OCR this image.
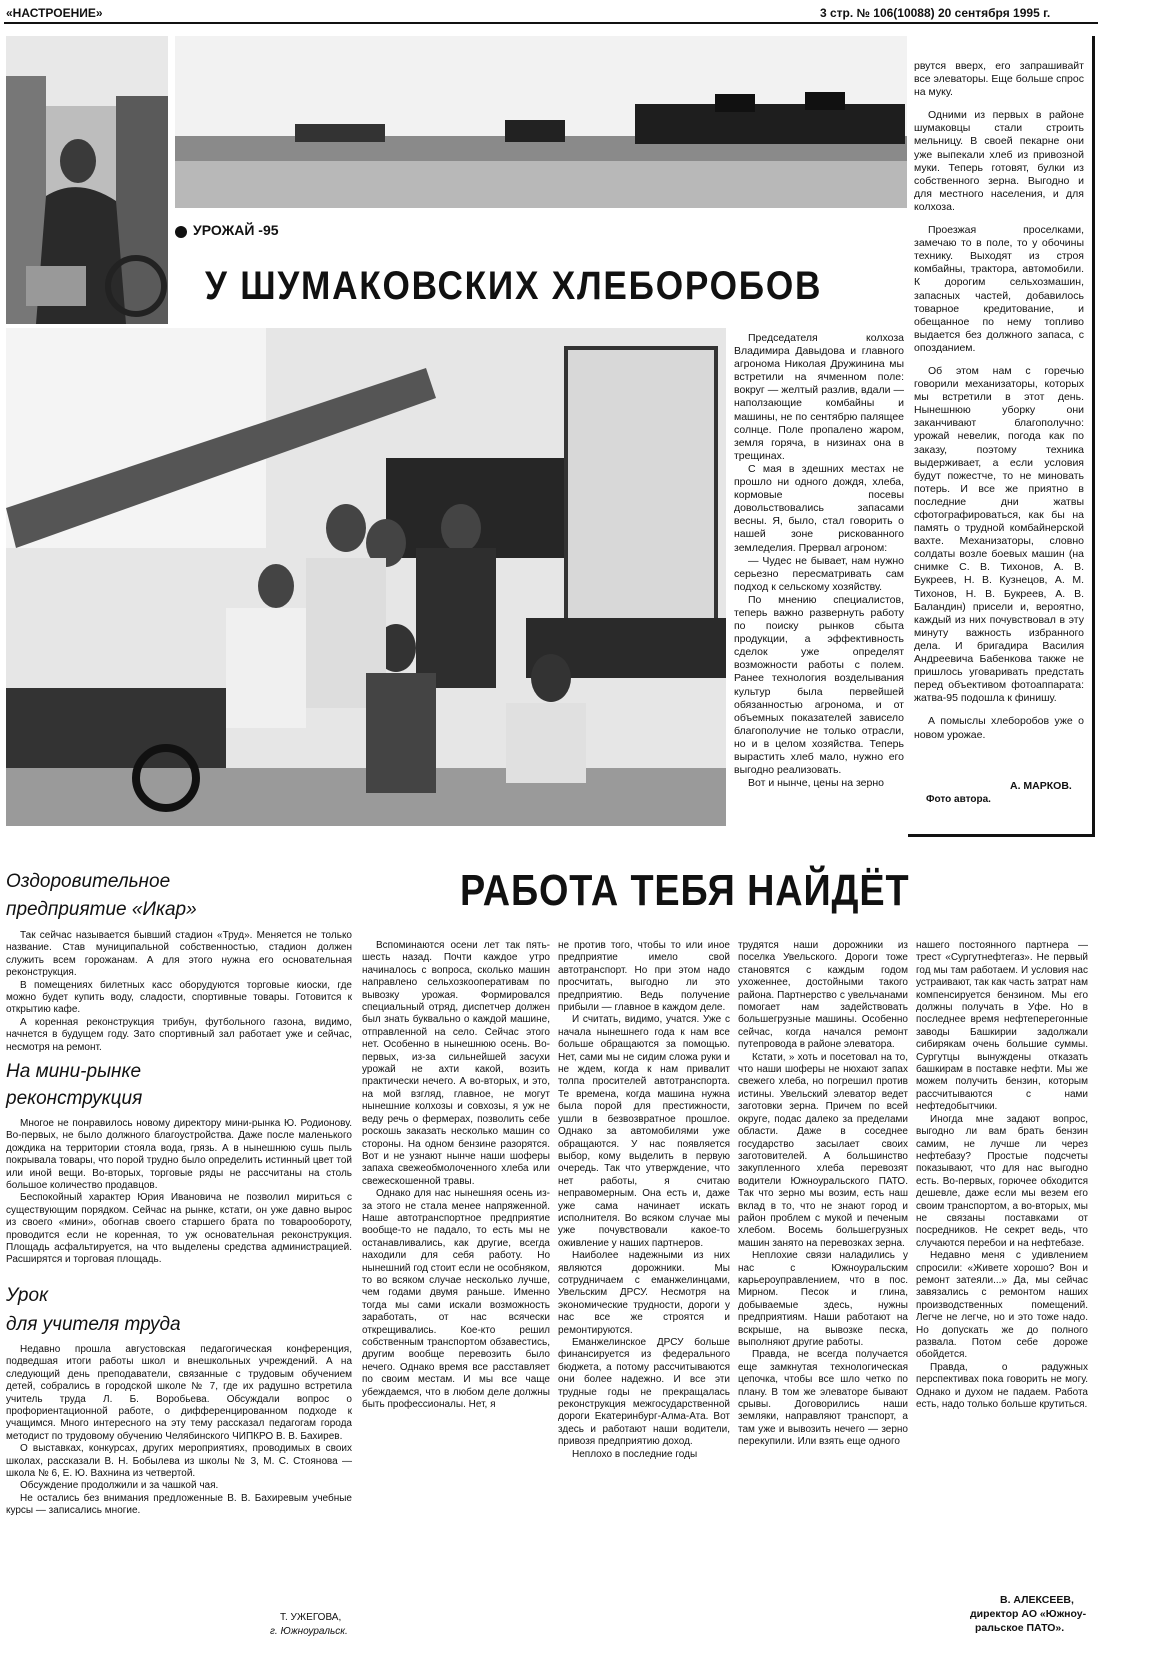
«НАСТРОЕНИЕ»	3 стр. № 106(10088) 20 сентября 1995 г.
УРОЖАЙ -95
У ШУМАКОВСКИХ ХЛЕБОРОБОВ

Председателя колхоза Владимира Давыдова и главного агронома Николая Дружинина мы встретили на ячменном поле: вокруг — желтый разлив, вдали — наползающие комбайны и машины, не по сентябрю палящее солнце. Поле пропалено жаром, земля горяча, в низинах она в трещинах.

С мая в здешних местах не прошло ни одного дождя, хлеба, кормовые посевы довольствовались запасами весны. Я, было, стал говорить о нашей зоне рискованного земледелия. Прервал агроном:

— Чудес не бывает, нам нужно серьезно пересматривать сам подход к сельскому хозяйству.

По мнению специалистов, теперь важно развернуть работу по поиску рынков сбыта продукции, а эффективность сделок уже определят возможности работы с полем. Ранее технология возделывания культур была первейшей обязанностью агронома, и от объемных показателей зависело благополучие не только отрасли, но и в целом хозяйства. Теперь вырастить хлеб мало, нужно его выгодно реализовать.

Вот и нынче, цены на зерно

рвутся вверх, его запрашивайт все элеваторы. Еще больше спрос на муку.

Одними из первых в районе шумаковцы стали строить мельницу. В своей пекарне они уже выпекали хлеб из привозной муки. Теперь готовят, булки из собственного зерна. Выгодно и для местного населения, и для колхоза.

Проезжая проселками, замечаю то в поле, то у обочины технику. Выходят из строя комбайны, трактора, автомобили. К дорогим сельхозмашин, запасных частей, добавилось товарное кредитование, и обещанное по нему топливо выдается без должного запаса, с опозданием.

Об этом нам с горечью говорили механизаторы, которых мы встретили в этот день. Нынешнюю уборку они заканчивают благополучно: урожай невелик, погода как по заказу, поэтому техника выдерживает, а если условия будут пожестче, то не миновать потерь. И все же приятно в последние дни жатвы сфотографироваться, как бы на память о трудной комбайнерской вахте. Механизаторы, словно солдаты возле боевых машин (на снимке С. В. Тихонов, А. В. Букреев, Н. В. Кузнецов, А. М. Тихонов, Н. В. Букреев, А. В. Баландин) присели и, вероятно, каждый из них почувствовал в эту минуту важность избранного дела. И бригадира Василия Андреевича Бабенкова также не пришлось уговаривать предстать перед объективом фотоаппарата: жатва-95 подошла к финишу.

А помыслы хлеборобов уже о новом урожае.

А. МАРКОВ.
Фото автора.
Оздоровительное
предприятие «Икар»

Так сейчас называется бывший стадион «Труд». Меняется не только название. Став муниципальной собственностью, стадион должен служить всем горожанам. А для этого нужна его основательная реконструкция.

В помещениях билетных касс оборудуются торговые киоски, где можно будет купить воду, сладости, спортивные товары. Готовится к открытию кафе.

А коренная реконструкция трибун, футбольного газона, видимо, начнется в будущем году. Зато спортивный зал работает уже и сейчас, несмотря на ремонт.

На мини-рынке
реконструкция

Многое не понравилось новому директору мини-рынка Ю. Родионову. Во-первых, не было должного благоустройства. Даже после маленького дождика на территории стояла вода, грязь. А в нынешнюю сушь пыль покрывала товары, что порой трудно было определить истинный цвет той или иной вещи. Во-вторых, торговые ряды не рассчитаны на столь большое количество продавцов.

Беспокойный характер Юрия Ивановича не позволил мириться с существующим порядком. Сейчас на рынке, кстати, он уже давно вырос из своего «мини», обогнав своего старшего брата по товарообороту, проводится если не коренная, то уж основательная реконструкция. Площадь асфальтируется, на что выделены средства администрацией. Расширятся и торговая площадь.

Урок
для учителя труда

Недавно прошла августовская педагогическая конференция, подведшая итоги работы школ и внешкольных учреждений. А на следующий день преподаватели, связанные с трудовым обучением детей, собрались в городской школе № 7, где их радушно встретила учитель труда Л. Б. Воробьева. Обсуждали вопрос о профориентационной работе, о дифференцированном подходе к учащимся. Много интересного на эту тему рассказал педагогам города методист по трудовому обучению Челябинского ЧИПКРО В. В. Бахирев.

О выставках, конкурсах, других мероприятиях, проводимых в своих школах, рассказали В. Н. Бобылева из школы № 3, М. С. Стоянова — школа № 6, Е. Ю. Вахнина из четвертой.

Обсуждение продолжили и за чашкой чая.

Не остались без внимания предложенные В. В. Бахиревым учебные курсы — записались многие.

Т. УЖЕГОВА,
г. Южноуральск.
РАБОТА ТЕБЯ НАЙДЁТ

Вспоминаются осени лет так пять-шесть назад. Почти каждое утро начиналось с вопроса, сколько машин направлено сельхозкооперативам по вывозку урожая. Формировался специальный отряд, диспетчер должен был знать буквально о каждой машине, отправленной на село. Сейчас этого нет. Особенно в нынешнюю осень. Во-первых, из-за сильнейшей засухи урожай не ахти какой, возить практически нечего. А во-вторых, и это, на мой взгляд, главное, не могут нынешние колхозы и совхозы, я уж не веду речь о фермерах, позволить себе роскошь заказать несколько машин со стороны. На одном бензине разорятся. Вот и не узнают нынче наши шоферы запаха свежеобмолоченного хлеба или свежескошенной травы.

Однако для нас нынешняя осень из-за этого не стала менее напряженной. Наше автотранспортное предприятие вообще-то не падало, то есть мы не останавливались, как другие, всегда находили для себя работу. Но нынешний год стоит если не особняком, то во всяком случае несколько лучше, чем годами двумя раньше. Именно тогда мы сами искали возможность заработать, от нас всячески открещивались. Кое-кто решил собственным транспортом обзавестись, другим вообще перевозить было нечего. Однако время все расставляет по своим местам. И мы все чаще убеждаемся, что в любом деле должны быть профессионалы. Нет, я

не против того, чтобы то или иное предприятие имело свой автотранспорт. Но при этом надо просчитать, выгодно ли это предприятию. Ведь получение прибыли — главное в каждом деле.

И считать, видимо, учатся. Уже с начала нынешнего года к нам все больше обращаются за помощью. Нет, сами мы не сидим сложа руки и не ждем, когда к нам привалит толпа просителей автотранспорта. Те времена, когда машина нужна была порой для престижности, ушли в безвозвратное прошлое. Однако за автомобилями уже обращаются. У нас появляется выбор, кому выделить в первую очередь. Так что утверждение, что нет работы, я считаю неправомерным. Она есть и, даже уже сама начинает искать исполнителя. Во всяком случае мы уже почувствовали какое-то оживление у наших партнеров.

Наиболее надежными из них являются дорожники. Мы сотрудничаем с еманжелинцами, Увельским ДРСУ. Несмотря на экономические трудности, дороги у нас все же строятся и ремонтируются.

Еманжелинское ДРСУ больше финансируется из федерального бюджета, а потому рассчитываются они более надежно. И все эти трудные годы не прекращалась реконструкция межгосударственной дороги Екатеринбург-Алма-Ата. Вот здесь и работают наши водители, привозя предприятию доход.

Неплохо в последние годы

трудятся наши дорожники из поселка Увельского. Дороги тоже становятся с каждым годом ухоженнее, достойными такого района. Партнерство с увельчанами помогает нам задействовать большегрузные машины. Особенно сейчас, когда начался ремонт путепровода в районе элеватора.

Кстати, » хоть и посетовал на то, что наши шоферы не нюхают запах свежего хлеба, но погрешил против истины. Увельский элеватор ведет заготовки зерна. Причем по всей округе, подас далеко за пределами области. Даже в соседнее государство засылает своих заготовителей. А большинство закупленного хлеба перевозят водители Южноуральского ПАТО. Так что зерно мы возим, есть наш вклад в то, что не знают город и район проблем с мукой и печеным хлебом. Восемь большегрузных машин занято на перевозках зерна.

Неплохие связи наладились у нас с Южноуральским карьероуправлением, что в пос. Мирном. Песок и глина, добываемые здесь, нужны предприятиям. Наши работают на вскрыше, на вывозке песка, выполняют другие работы.

Правда, не всегда получается еще замкнутая технологическая цепочка, чтобы все шло четко по плану. В том же элеваторе бывают срывы. Договорились наши земляки, направляют транспорт, а там уже и вывозить нечего — зерно перекупили. Или взять еще одного

нашего постоянного партнера — трест «Сургутнефтегаз». Не первый год мы там работаем. И условия нас устраивают, так как часть затрат нам компенсируется бензином. Мы его должны получать в Уфе. Но в последнее время нефтеперегонные заводы Башкирии задолжали сибирякам очень большие суммы. Сургутцы вынуждены отказать башкирам в поставке нефти. Мы же можем получить бензин, которым рассчитываются с нами нефтедобытчики.

Иногда мне задают вопрос, выгодно ли вам брать бензин самим, не лучше ли через нефтебазу? Простые подсчеты показывают, что для нас выгодно есть. Во-первых, горючее обходится дешевле, даже если мы везем его своим транспортом, а во-вторых, мы не связаны поставками от посредников. Не секрет ведь, что случаются перебои и на нефтебазе.

Недавно меня с удивлением спросили: «Живете хорошо? Вон и ремонт затеяли...» Да, мы сейчас завязались с ремонтом наших производственных помещений. Легче не легче, но и это тоже надо. Но допускать же до полного развала. Потом себе дороже обойдется.

Правда, о радужных перспективах пока говорить не могу. Однако и духом не падаем. Работа есть, надо только больше крутиться.

В. АЛЕКСЕЕВ,
директор АО «Южноу-
ральское ПАТО».
